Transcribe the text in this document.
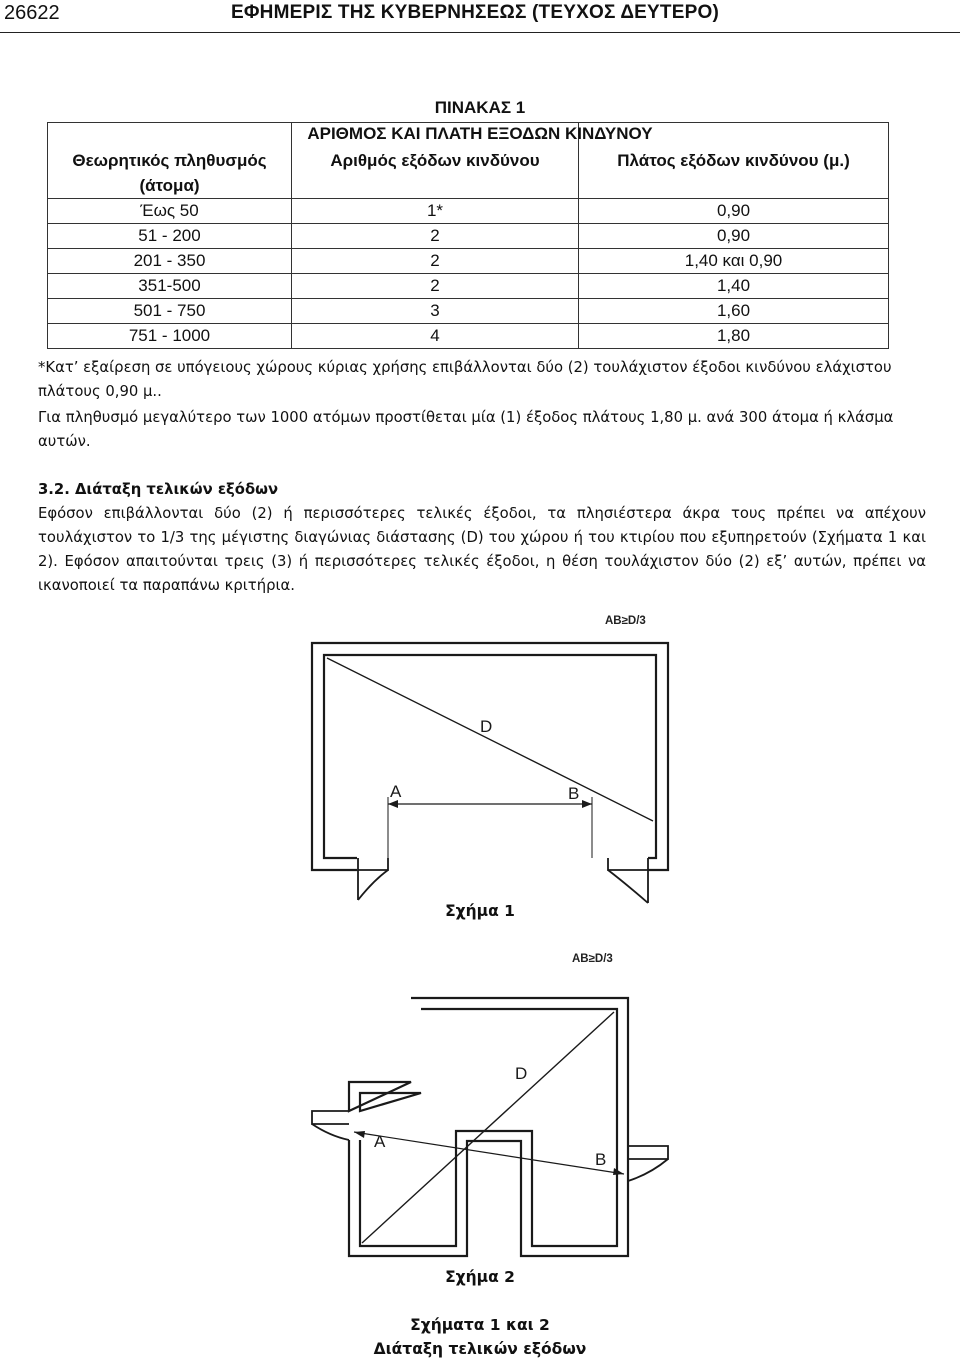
26622	ΕΦΗΜΕΡΙΣ ΤΗΣ ΚΥΒΕΡΝΗΣΕΩΣ (ΤΕΥΧΟΣ ΔΕΥΤΕΡΟ)
ΠΙΝΑΚΑΣ 1
ΑΡΙΘΜΟΣ ΚΑΙ ΠΛΑΤΗ ΕΞΟΔΩΝ ΚΙΝΔΥΝΟΥ
Θεωρητικός πληθυσμός
(άτομα)	Αριθμός εξόδων κινδύνου	Πλάτος εξόδων κινδύνου (μ.)

Έως 50	1*	0,90
51 - 200	2	0,90
201 - 350	2	1,40 και 0,90
351-500	2	1,40
501 - 750	3	1,60
751 - 1000	4	1,80
*Κατ’ εξαίρεση σε υπόγειους χώρους κύριας χρήσης επιβάλλονται δύο (2) τουλάχιστον έξοδοι κινδύνου ελάχιστου πλάτους 0,90 μ..
Για πληθυσμό μεγαλύτερο των 1000 ατόμων προστίθεται μία (1) έξοδος πλάτους 1,80 μ. ανά 300 άτομα ή κλάσμα αυτών.
3.2. Διάταξη τελικών εξόδων

Εφόσον επιβάλλονται δύο (2) ή περισσότερες τελικές έξοδοι, τα πλησιέστερα άκρα τους πρέπει να απέχουν τουλάχιστον το 1/3 της μέγιστης διαγώνιας διάστασης (D) του χώρου ή του κτιρίου που εξυπηρετούν (Σχήματα 1 και 2). Εφόσον απαιτούνται τρεις (3) ή περισσότερες τελικές έξοδοι, η θέση τουλάχιστον δύο (2) εξ’ αυτών, πρέπει να ικανοποιεί τα παραπάνω κριτήρια.

AB≥D/3
D
A	B
Σχήμα 1
AB≥D/3
D
A
B
Σχήμα 2
Σχήματα 1 και 2
Διάταξη τελικών εξόδων
